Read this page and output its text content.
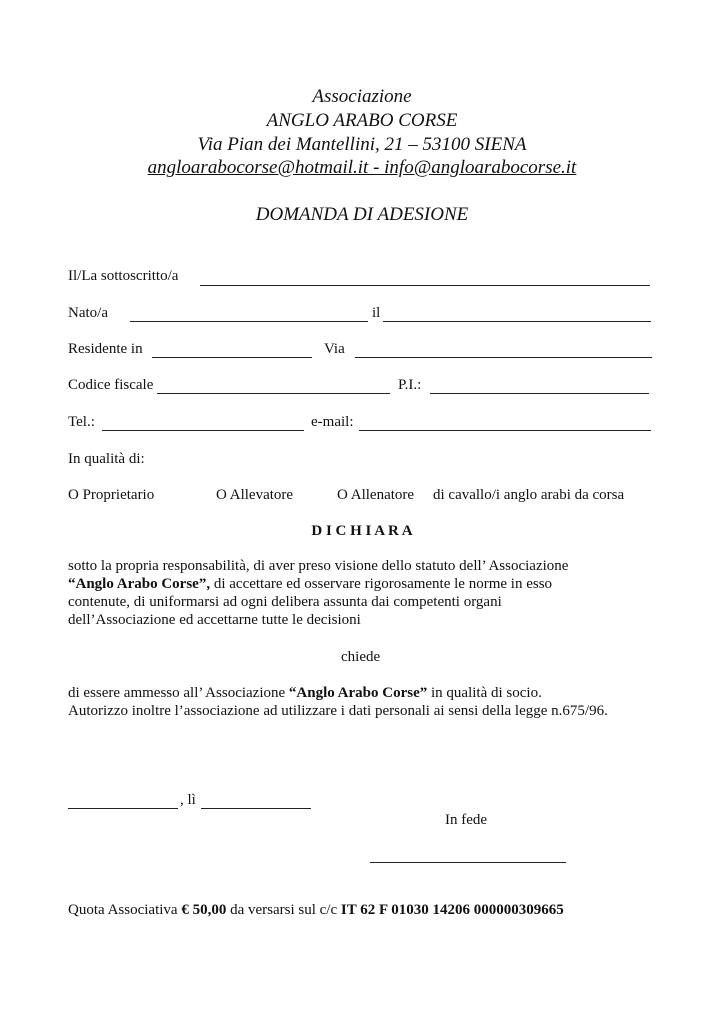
Associazione
ANGLO ARABO CORSE
Via Pian dei Mantellini, 21 – 53100 SIENA
angloarabocorse@hotmail.it - info@angloarabocorse.it
DOMANDA DI ADESIONE
Il/La sottoscritto/a
Nato/a	il
Residente in	Via
Codice fiscale	P.I.:
Tel.:	e-mail:
In qualità di:
O Proprietario	O Allevatore	O Allenatore di cavallo/i anglo arabi da corsa
D I C H I A R A
sotto la propria responsabilità, di aver preso visione dello statuto dell’ Associazione
“Anglo Arabo Corse”, di accettare ed osservare rigorosamente le norme in esso
contenute, di uniformarsi ad ogni delibera assunta dai competenti organi
dell’Associazione ed accettarne tutte le decisioni
chiede
di essere ammesso all’ Associazione “Anglo Arabo Corse” in qualità di socio.
Autorizzo inoltre l’associazione ad utilizzare i dati personali ai sensi della legge n.675/96.
, lì
In fede
Quota Associativa € 50,00 da versarsi sul c/c IT 62 F 01030 14206 000000309665
